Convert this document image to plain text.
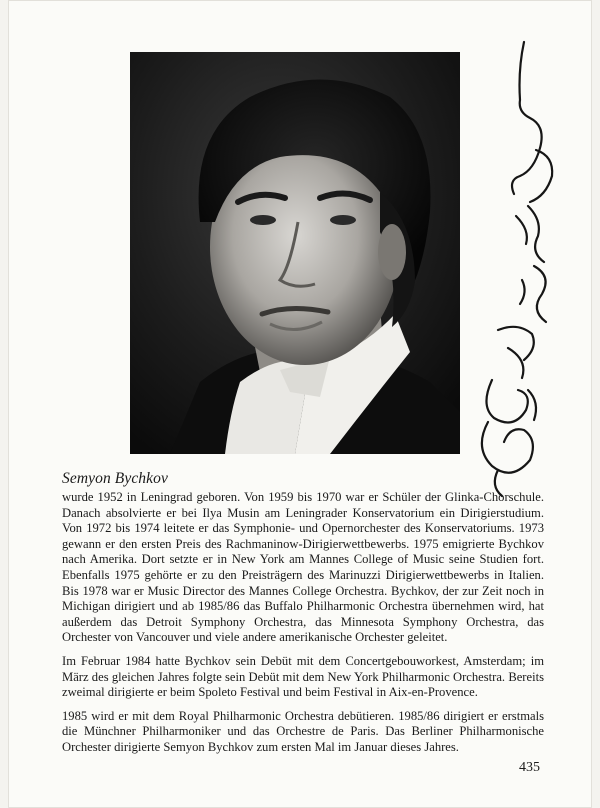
Semyon Bychkov

wurde 1952 in Leningrad geboren. Von 1959 bis 1970 war er Schüler der Glinka-Chorschule. Danach absolvierte er bei Ilya Musin am Leningrader Konservatorium ein Dirigierstudium. Von 1972 bis 1974 leitete er das Symphonie- und Opernorchester des Konservatoriums. 1973 gewann er den ersten Preis des Rachmaninow-Dirigierwettbewerbs. 1975 emigrierte Bychkov nach Amerika. Dort setzte er in New York am Mannes College of Music seine Studien fort. Ebenfalls 1975 gehörte er zu den Preisträgern des Marinuzzi Dirigierwettbewerbs in Italien. Bis 1978 war er Music Director des Mannes College Orchestra. Bychkov, der zur Zeit noch in Michigan dirigiert und ab 1985/86 das Buffalo Philharmonic Orchestra übernehmen wird, hat außerdem das Detroit Symphony Orchestra, das Minnesota Symphony Orchestra, das Orchester von Vancouver und viele andere amerikanische Orchester geleitet.

Im Februar 1984 hatte Bychkov sein Debüt mit dem Concertgebouworkest, Amsterdam; im März des gleichen Jahres folgte sein Debüt mit dem New York Philharmonic Orchestra. Bereits zweimal dirigierte er beim Spoleto Festival und beim Festival in Aix-en-Provence.

1985 wird er mit dem Royal Philharmonic Orchestra debütieren. 1985/86 dirigiert er erstmals die Münchner Philharmoniker und das Orchestre de Paris. Das Berliner Philharmonische Orchester dirigierte Semyon Bychkov zum ersten Mal im Januar dieses Jahres.

435
